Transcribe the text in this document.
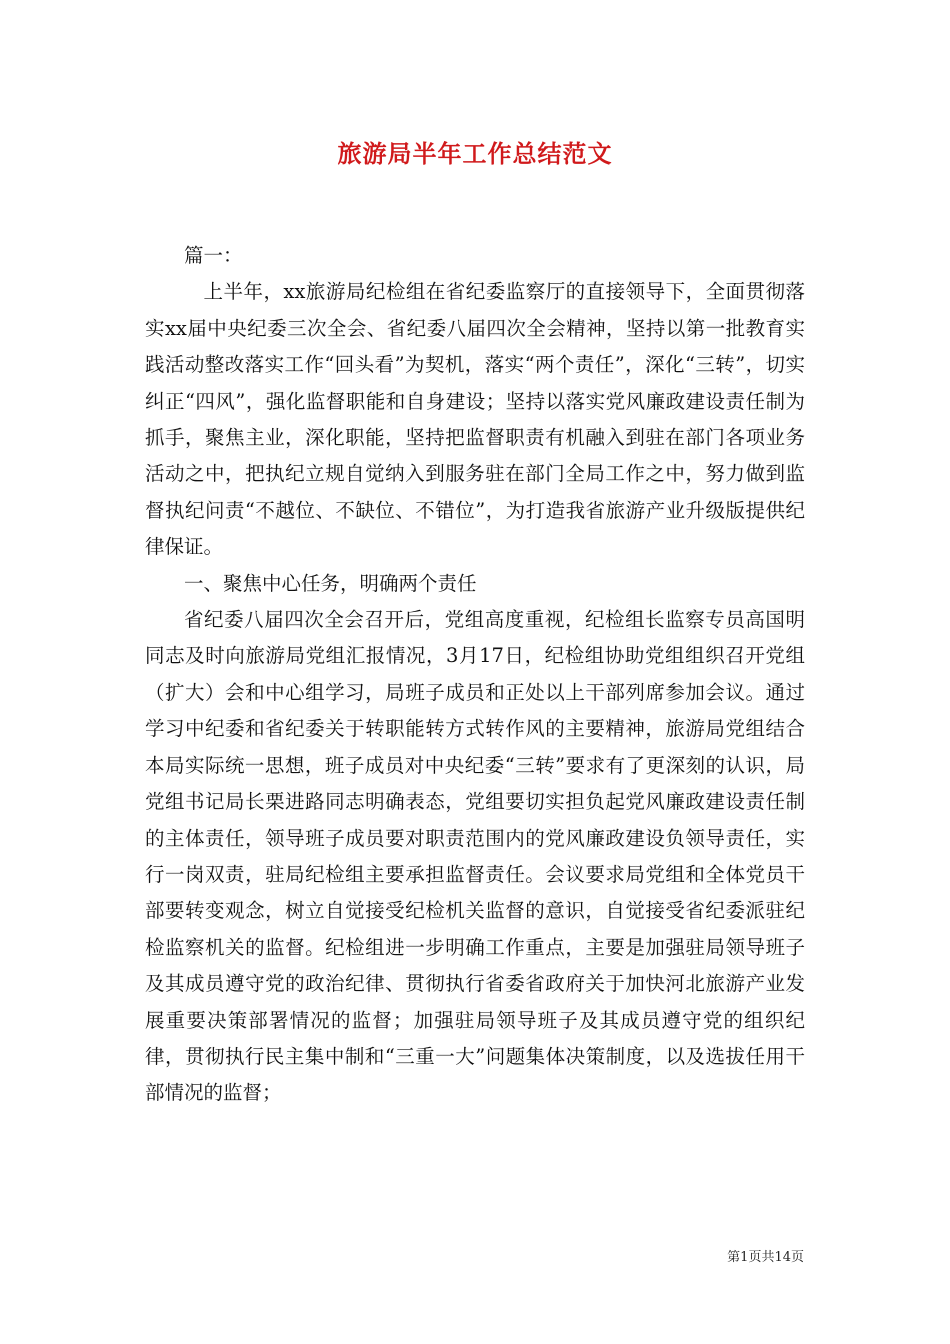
旅游局半年工作总结范文

篇一：

上半年，xx旅游局纪检组在省纪委监察厅的直接领导下，全面贯彻落实xx届中央纪委三次全会、省纪委八届四次全会精神，坚持以第一批教育实践活动整改落实工作“回头看”为契机，落实“两个责任”，深化“三转”，切实纠正“四风”，强化监督职能和自身建设；坚持以落实党风廉政建设责任制为抓手，聚焦主业，深化职能，坚持把监督职责有机融入到驻在部门各项业务活动之中，把执纪立规自觉纳入到服务驻在部门全局工作之中，努力做到监督执纪问责“不越位、不缺位、不错位”，为打造我省旅游产业升级版提供纪律保证。

一、聚焦中心任务，明确两个责任

省纪委八届四次全会召开后，党组高度重视，纪检组长监察专员高国明同志及时向旅游局党组汇报情况，3月17日，纪检组协助党组组织召开党组（扩大）会和中心组学习，局班子成员和正处以上干部列席参加会议。通过学习中纪委和省纪委关于转职能转方式转作风的主要精神，旅游局党组结合本局实际统一思想，班子成员对中央纪委“三转”要求有了更深刻的认识，局党组书记局长栗进路同志明确表态，党组要切实担负起党风廉政建设责任制的主体责任，领导班子成员要对职责范围内的党风廉政建设负领导责任，实行一岗双责，驻局纪检组主要承担监督责任。会议要求局党组和全体党员干部要转变观念，树立自觉接受纪检机关监督的意识，自觉接受省纪委派驻纪检监察机关的监督。纪检组进一步明确工作重点，主要是加强驻局领导班子及其成员遵守党的政治纪律、贯彻执行省委省政府关于加快河北旅游产业发展重要决策部署情况的监督；加强驻局领导班子及其成员遵守党的组织纪律，贯彻执行民主集中制和“三重一大”问题集体决策制度，以及选拔任用干部情况的监督；

第1页共14页
